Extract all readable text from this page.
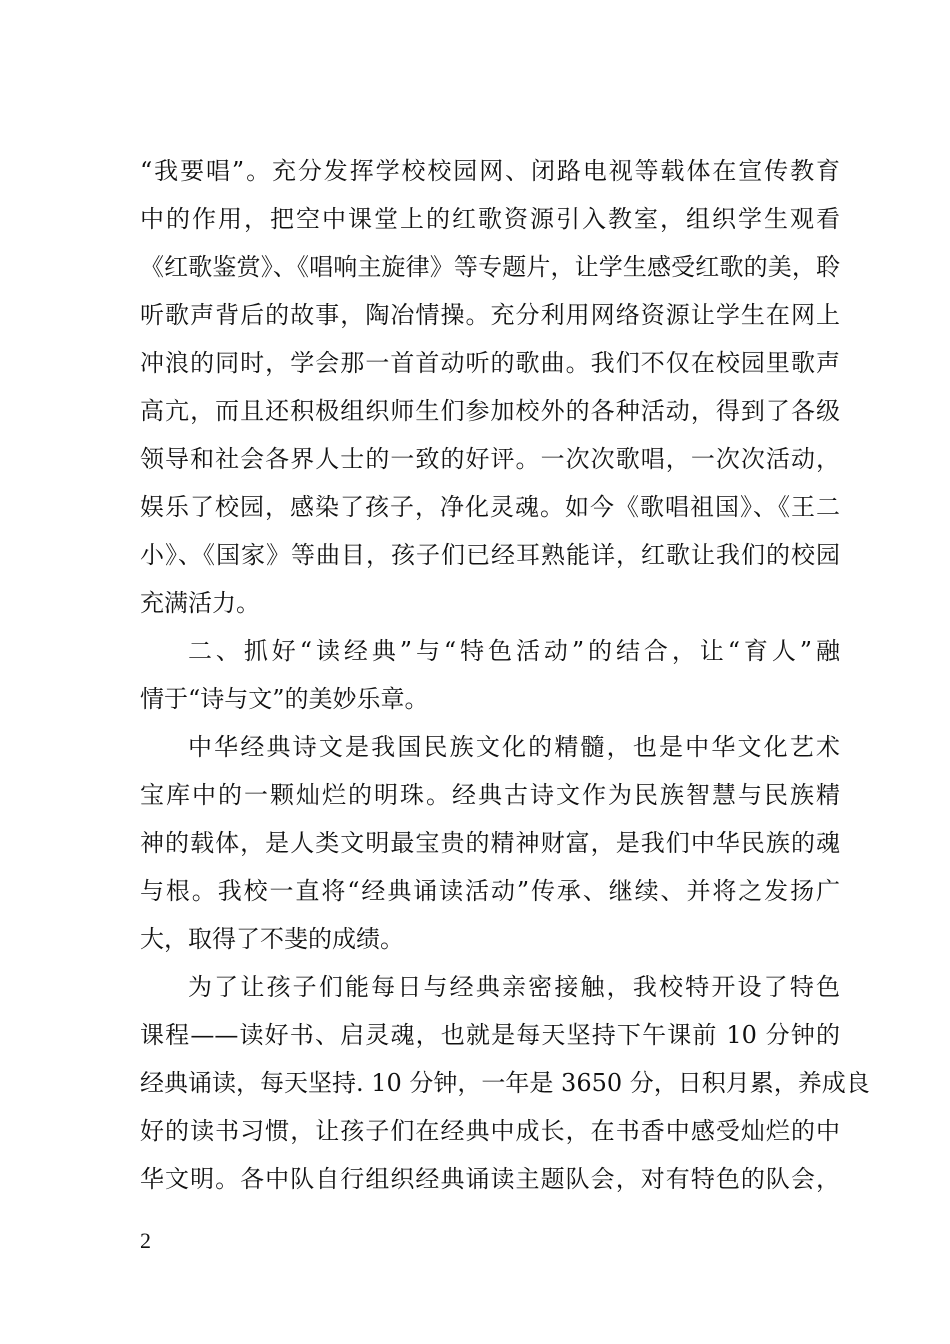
“我要唱”。充分发挥学校校园网、闭路电视等载体在宣传教育
中的作用，把空中课堂上的红歌资源引入教室，组织学生观看
《红歌鉴赏》、《唱响主旋律》等专题片，让学生感受红歌的美，聆
听歌声背后的故事，陶冶情操。充分利用网络资源让学生在网上
冲浪的同时，学会那一首首动听的歌曲。我们不仅在校园里歌声
高亢，而且还积极组织师生们参加校外的各种活动，得到了各级
领导和社会各界人士的一致的好评。一次次歌唱，一次次活动，
娱乐了校园，感染了孩子，净化灵魂。如今《歌唱祖国》、《王二
小》、《国家》等曲目，孩子们已经耳熟能详，红歌让我们的校园
充满活力。
二、抓好“读经典”与“特色活动”的结合，让“育人”融
情于“诗与文”的美妙乐章。
中华经典诗文是我国民族文化的精髓，也是中华文化艺术
宝库中的一颗灿烂的明珠。经典古诗文作为民族智慧与民族精
神的载体，是人类文明最宝贵的精神财富，是我们中华民族的魂
与根。我校一直将“经典诵读活动”传承、继续、并将之发扬广
大，取得了不斐的成绩。
为了让孩子们能每日与经典亲密接触，我校特开设了特色
课程——读好书、启灵魂，也就是每天坚持下午课前 10 分钟的
经典诵读，每天坚持. 10 分钟，一年是 3650 分，日积月累，养成良
好的读书习惯，让孩子们在经典中成长，在书香中感受灿烂的中
华文明。各中队自行组织经典诵读主题队会，对有特色的队会，
2
